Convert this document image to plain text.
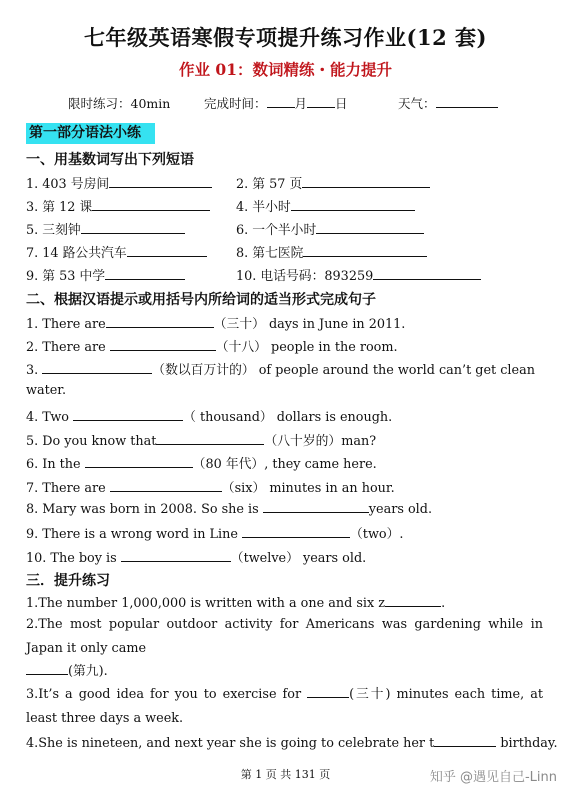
七年级英语寒假专项提升练习作业(12 套)
作业 01：数词精练・能力提升
限时练习：40min	完成时间： 月 日	天气：
第一部分语法小练
一、用基数词写出下列短语
1. 403 号房间	2. 第 57 页
3. 第 12 课	4. 半小时
5. 三刻钟	6. 一个半小时
7. 14 路公共汽车	8. 第七医院
9. 第 53 中学	10. 电话号码：893259
二、根据汉语提示或用括号内所给词的适当形式完成句子
1. There are	（三十） days in June in 2011.
2. There are	（十八） people in the room.
3.	（数以百万计的） of people around the world can’t get clean
water.
4. Two	（ thousand） dollars is enough.
5. Do you know that	（八十岁的）man?
6. In the	（80 年代）, they came here.
7. There are	（six） minutes in an hour.
8. Mary was born in 2008. So she is	years old.
9. There is a wrong word in Line	（two）.
10. The boy is	（twelve） years old.
三．提升练习
1.The number 1,000,000 is written with a one and six z	.
2.The most popular outdoor activity for Americans was gardening while in Japan it only came
(第九).
3.It’s a good idea for you to exercise for	(三十) minutes each time, at least three days a week.
4.She is nineteen, and next year she is going to celebrate her t	birthday.
第 1 页 共 131 页	知乎 @遇见自己-Linn
